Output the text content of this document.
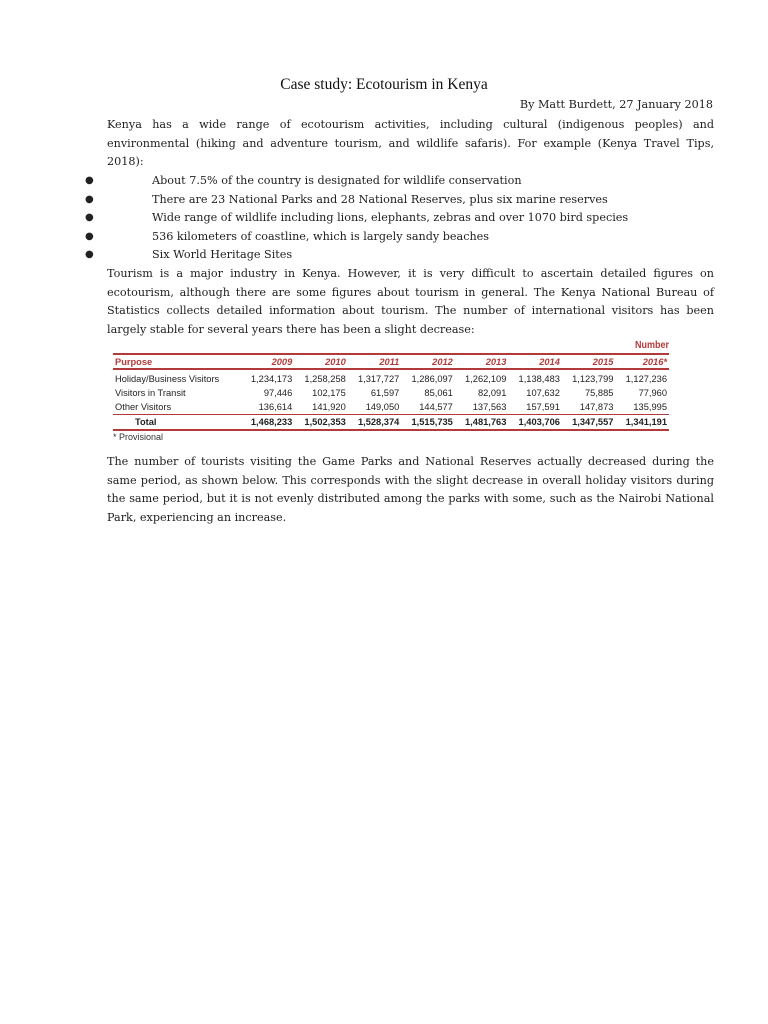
Case study: Ecotourism in Kenya
By Matt Burdett, 27 January 2018
Kenya has a wide range of ecotourism activities, including cultural (indigenous peoples) and environmental (hiking and adventure tourism, and wildlife safaris). For example (Kenya Travel Tips, 2018):
●	About 7.5% of the country is designated for wildlife conservation
●	There are 23 National Parks and 28 National Reserves, plus six marine reserves
●	Wide range of wildlife including lions, elephants, zebras and over 1070 bird species
●	536 kilometers of coastline, which is largely sandy beaches
●	Six World Heritage Sites
Tourism is a major industry in Kenya. However, it is very difficult to ascertain detailed figures on ecotourism, although there are some figures about tourism in general. The Kenya National Bureau of Statistics collects detailed information about tourism. The number of international visitors has been largely stable for several years there has been a slight decrease:
Number
Purpose	2009	2010	2011	2012	2013	2014	2015	2016*
Holiday/Business Visitors	1,234,173	1,258,258	1,317,727	1,286,097	1,262,109	1,138,483	1,123,799	1,127,236
Visitors in Transit	97,446	102,175	61,597	85,061	82,091	107,632	75,885	77,960
Other Visitors	136,614	141,920	149,050	144,577	137,563	157,591	147,873	135,995
Total	1,468,233	1,502,353	1,528,374	1,515,735	1,481,763	1,403,706	1,347,557	1,341,191
* Provisional
The number of tourists visiting the Game Parks and National Reserves actually decreased during the same period, as shown below. This corresponds with the slight decrease in overall holiday visitors during the same period, but it is not evenly distributed among the parks with some, such as the Nairobi National Park, experiencing an increase.
